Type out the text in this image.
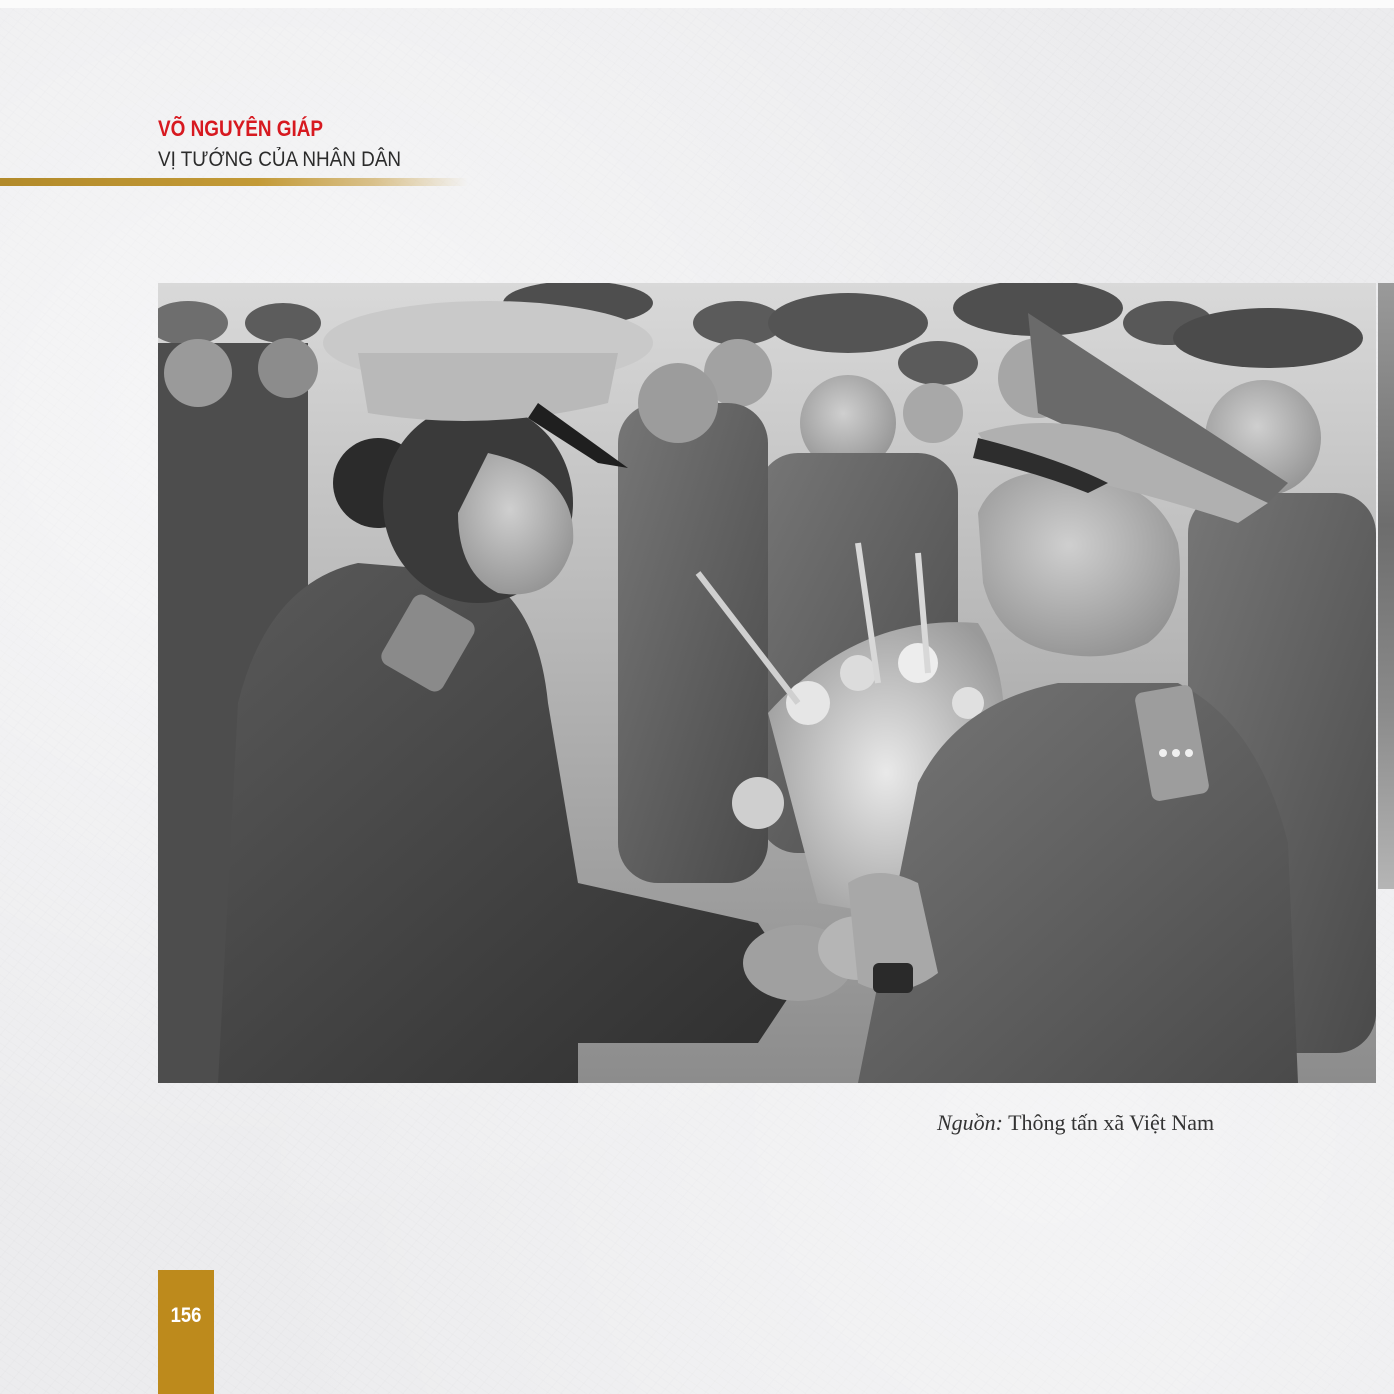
VÕ NGUYÊN GIÁP
VỊ TƯỚNG CỦA NHÂN DÂN
Nguồn: Thông tấn xã Việt Nam
156
